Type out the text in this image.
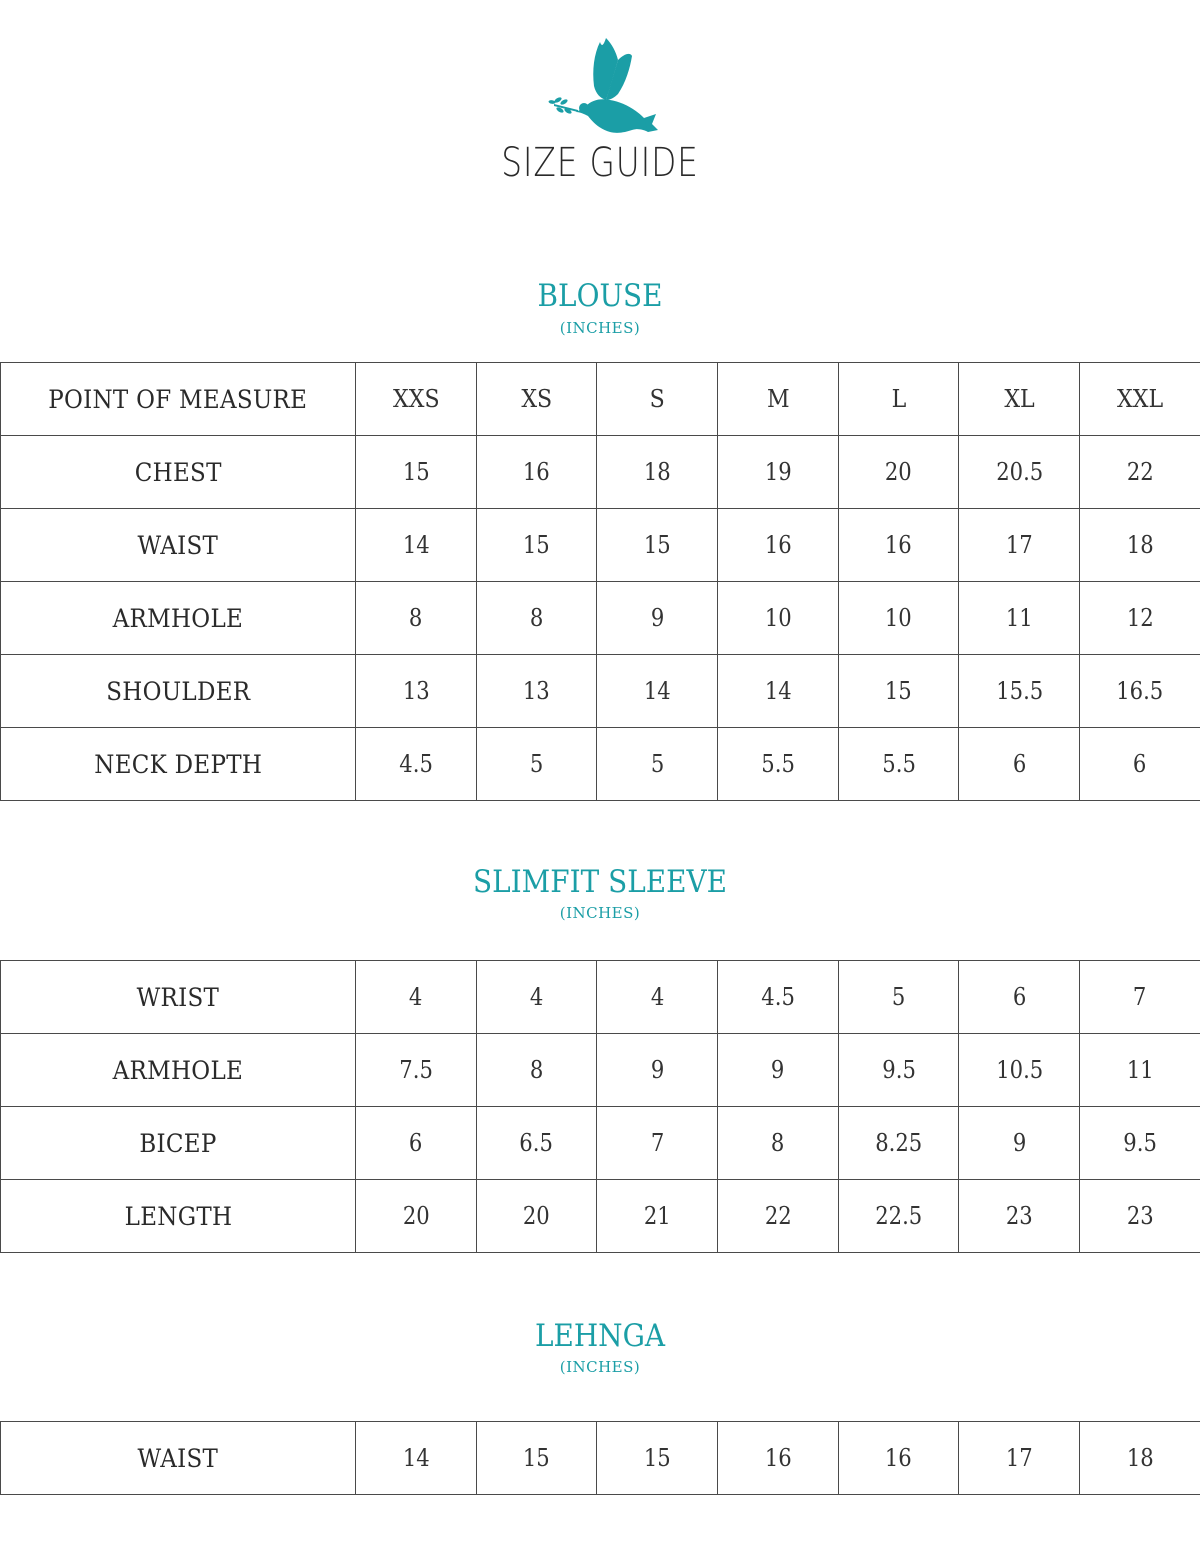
SIZE GUIDE
BLOUSE
(INCHES)
POINT OF MEASURE	XXS	XS	S	M	L	XL	XXL
CHEST	15	16	18	19	20	20.5	22
WAIST	14	15	15	16	16	17	18
ARMHOLE	8	8	9	10	10	11	12
SHOULDER	13	13	14	14	15	15.5	16.5
NECK DEPTH	4.5	5	5	5.5	5.5	6	6
SLIMFIT SLEEVE
(INCHES)
WRIST	4	4	4	4.5	5	6	7
ARMHOLE	7.5	8	9	9	9.5	10.5	11
BICEP	6	6.5	7	8	8.25	9	9.5
LENGTH	20	20	21	22	22.5	23	23
LEHNGA
(INCHES)
WAIST	14	15	15	16	16	17	18
